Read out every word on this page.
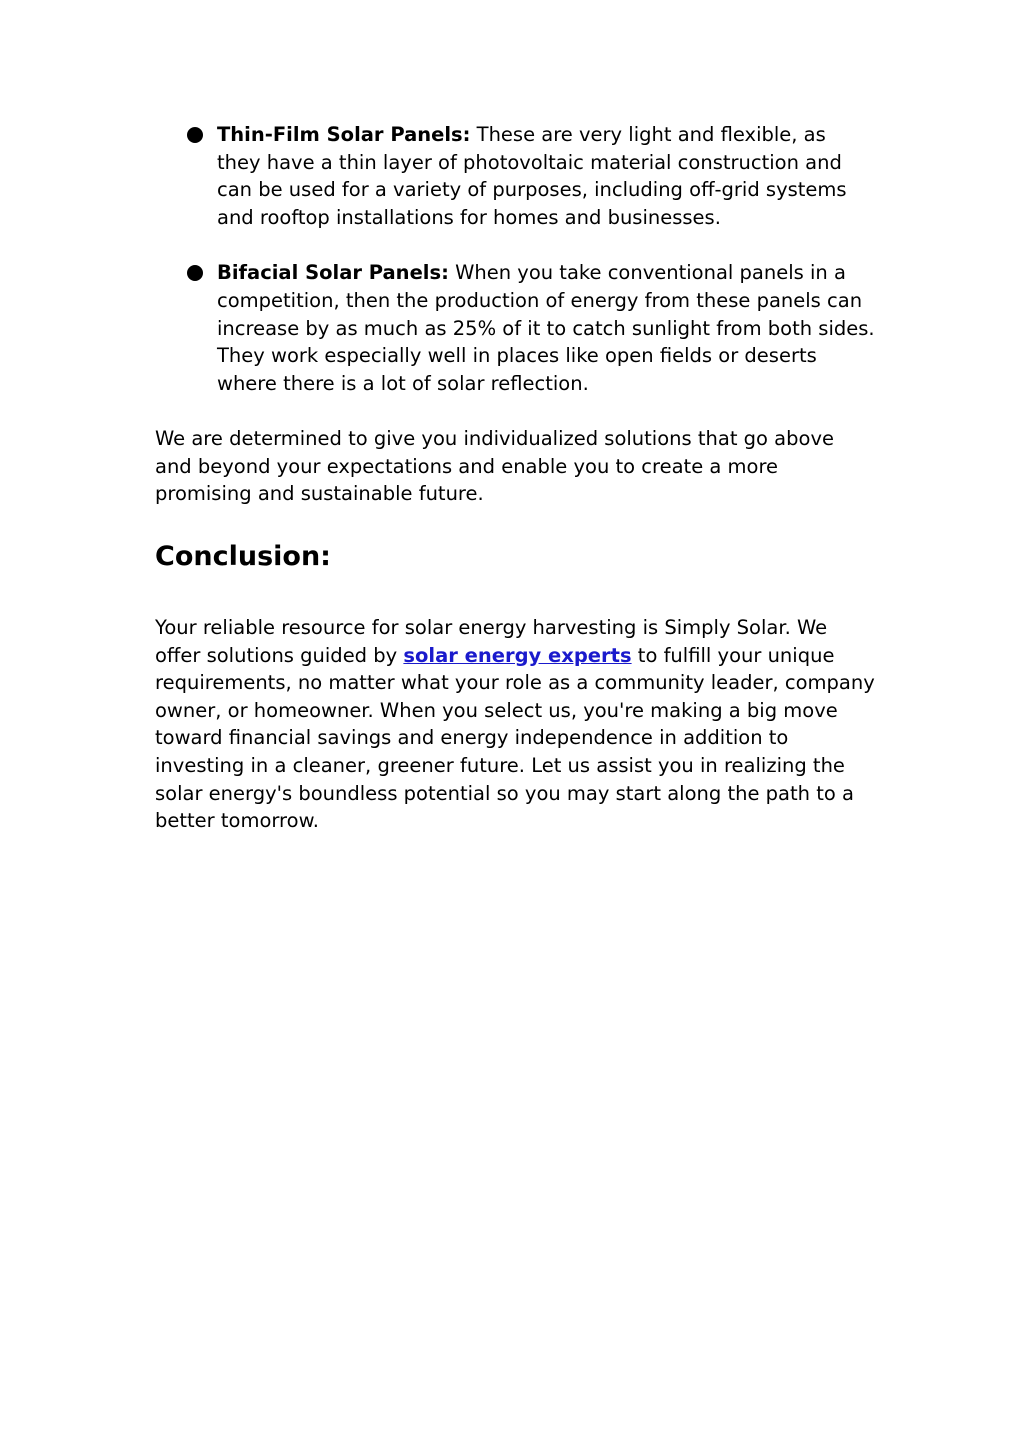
Thin-Film Solar Panels: These are very light and flexible, as they have a thin layer of photovoltaic material construction and can be used for a variety of purposes, including off-grid systems and rooftop installations for homes and businesses.
Bifacial Solar Panels: When you take conventional panels in a competition, then the production of energy from these panels can increase by as much as 25% of it to catch sunlight from both sides. They work especially well in places like open fields or deserts where there is a lot of solar reflection.

We are determined to give you individualized solutions that go above and beyond your expectations and enable you to create a more promising and sustainable future.

Conclusion:

Your reliable resource for solar energy harvesting is Simply Solar. We offer solutions guided by solar energy experts to fulfill your unique requirements, no matter what your role as a community leader, company owner, or homeowner. When you select us, you're making a big move toward financial savings and energy independence in addition to investing in a cleaner, greener future. Let us assist you in realizing the solar energy's boundless potential so you may start along the path to a better tomorrow.
